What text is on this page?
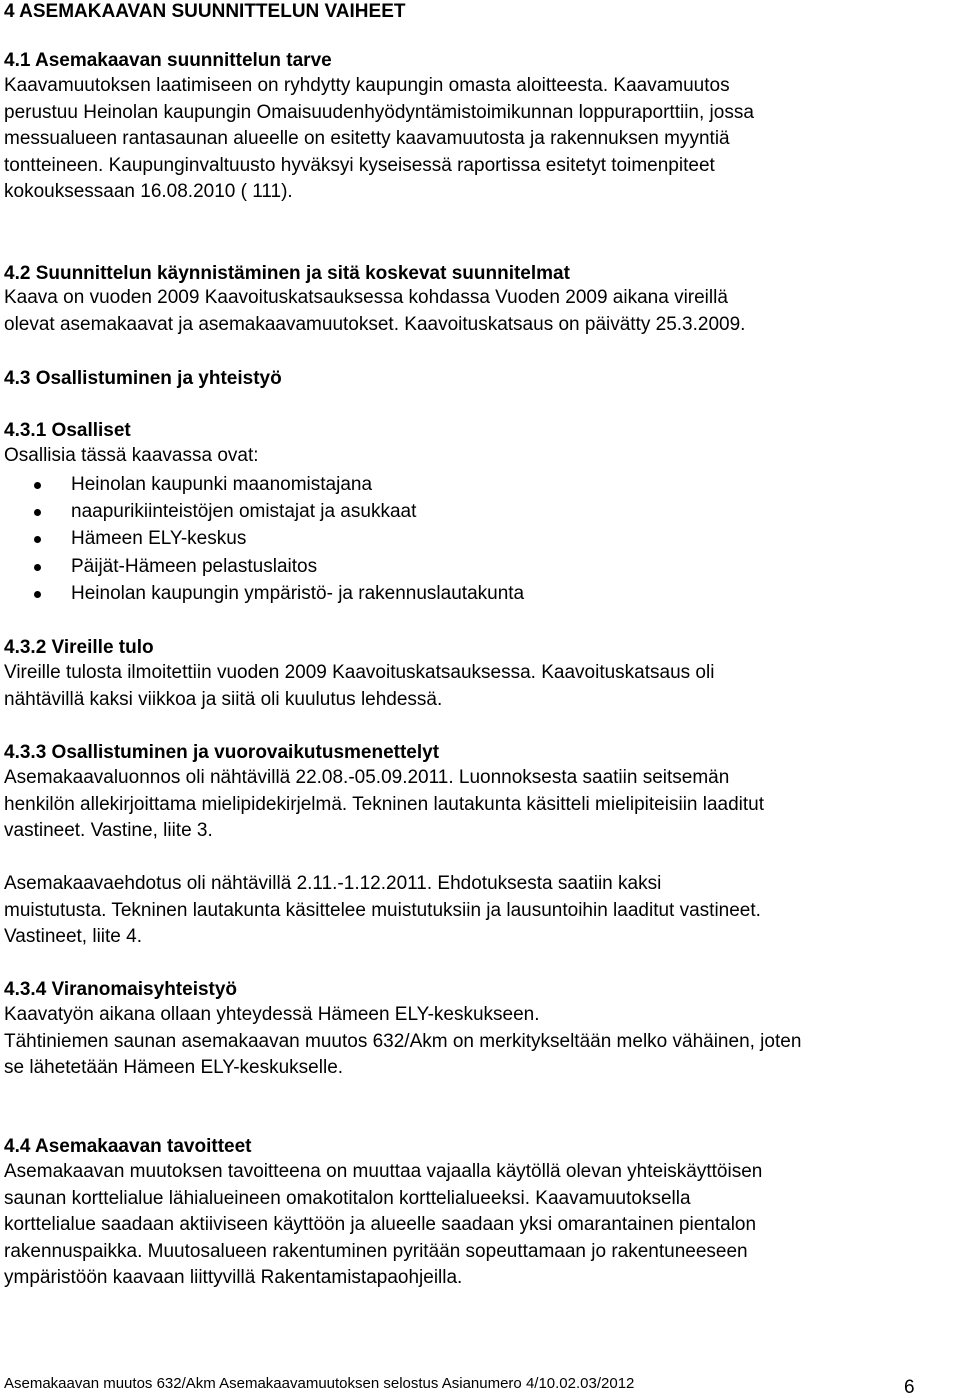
4 ASEMAKAAVAN SUUNNITTELUN VAIHEET
4.1 Asemakaavan suunnittelun tarve

Kaavamuutoksen laatimiseen on ryhdytty kaupungin omasta aloitteesta. Kaavamuutos
perustuu Heinolan kaupungin Omaisuudenhyödyntämistoimikunnan loppuraporttiin, jossa
messualueen rantasaunan alueelle on esitetty kaavamuutosta ja rakennuksen myyntiä
tontteineen. Kaupunginvaltuusto hyväksyi kyseisessä raportissa esitetyt toimenpiteet
kokouksessaan 16.08.2010 ( 111).

4.2 Suunnittelun käynnistäminen ja sitä koskevat suunnitelmat

Kaava on vuoden 2009 Kaavoituskatsauksessa kohdassa Vuoden 2009 aikana vireillä
olevat asemakaavat ja asemakaavamuutokset. Kaavoituskatsaus on päivätty 25.3.2009.

4.3 Osallistuminen ja yhteistyö
4.3.1 Osalliset

Osallisia tässä kaavassa ovat:

Heinolan kaupunki maanomistajana
naapurikiinteistöjen omistajat ja asukkaat
Hämeen ELY-keskus
Päijät-Hämeen pelastuslaitos
Heinolan kaupungin ympäristö- ja rakennuslautakunta
4.3.2 Vireille tulo

Vireille tulosta ilmoitettiin vuoden 2009 Kaavoituskatsauksessa. Kaavoituskatsaus oli
nähtävillä kaksi viikkoa ja siitä oli kuulutus lehdessä.

4.3.3 Osallistuminen ja vuorovaikutusmenettelyt

Asemakaavaluonnos oli nähtävillä 22.08.-05.09.2011. Luonnoksesta saatiin seitsemän
henkilön allekirjoittama mielipidekirjelmä. Tekninen lautakunta käsitteli mielipiteisiin laaditut
vastineet. Vastine, liite 3.

Asemakaavaehdotus oli nähtävillä 2.11.-1.12.2011. Ehdotuksesta saatiin kaksi
muistutusta. Tekninen lautakunta käsittelee muistutuksiin ja lausuntoihin laaditut vastineet.
Vastineet, liite 4.

4.3.4 Viranomaisyhteistyö

Kaavatyön aikana ollaan yhteydessä Hämeen ELY-keskukseen.
Tähtiniemen saunan asemakaavan muutos 632/Akm on merkitykseltään melko vähäinen, joten
se lähetetään Hämeen ELY-keskukselle.

4.4 Asemakaavan tavoitteet

Asemakaavan muutoksen tavoitteena on muuttaa vajaalla käytöllä olevan yhteiskäyttöisen
saunan korttelialue lähialueineen omakotitalon korttelialueeksi. Kaavamuutoksella
korttelialue saadaan aktiiviseen käyttöön ja alueelle saadaan yksi omarantainen pientalon
rakennuspaikka. Muutosalueen rakentuminen pyritään sopeuttamaan jo rakentuneeseen
ympäristöön kaavaan liittyvillä Rakentamistapaohjeilla.

Asemakaavan muutos 632/Akm Asemakaavamuutoksen selostus Asianumero 4/10.02.03/2012	6
